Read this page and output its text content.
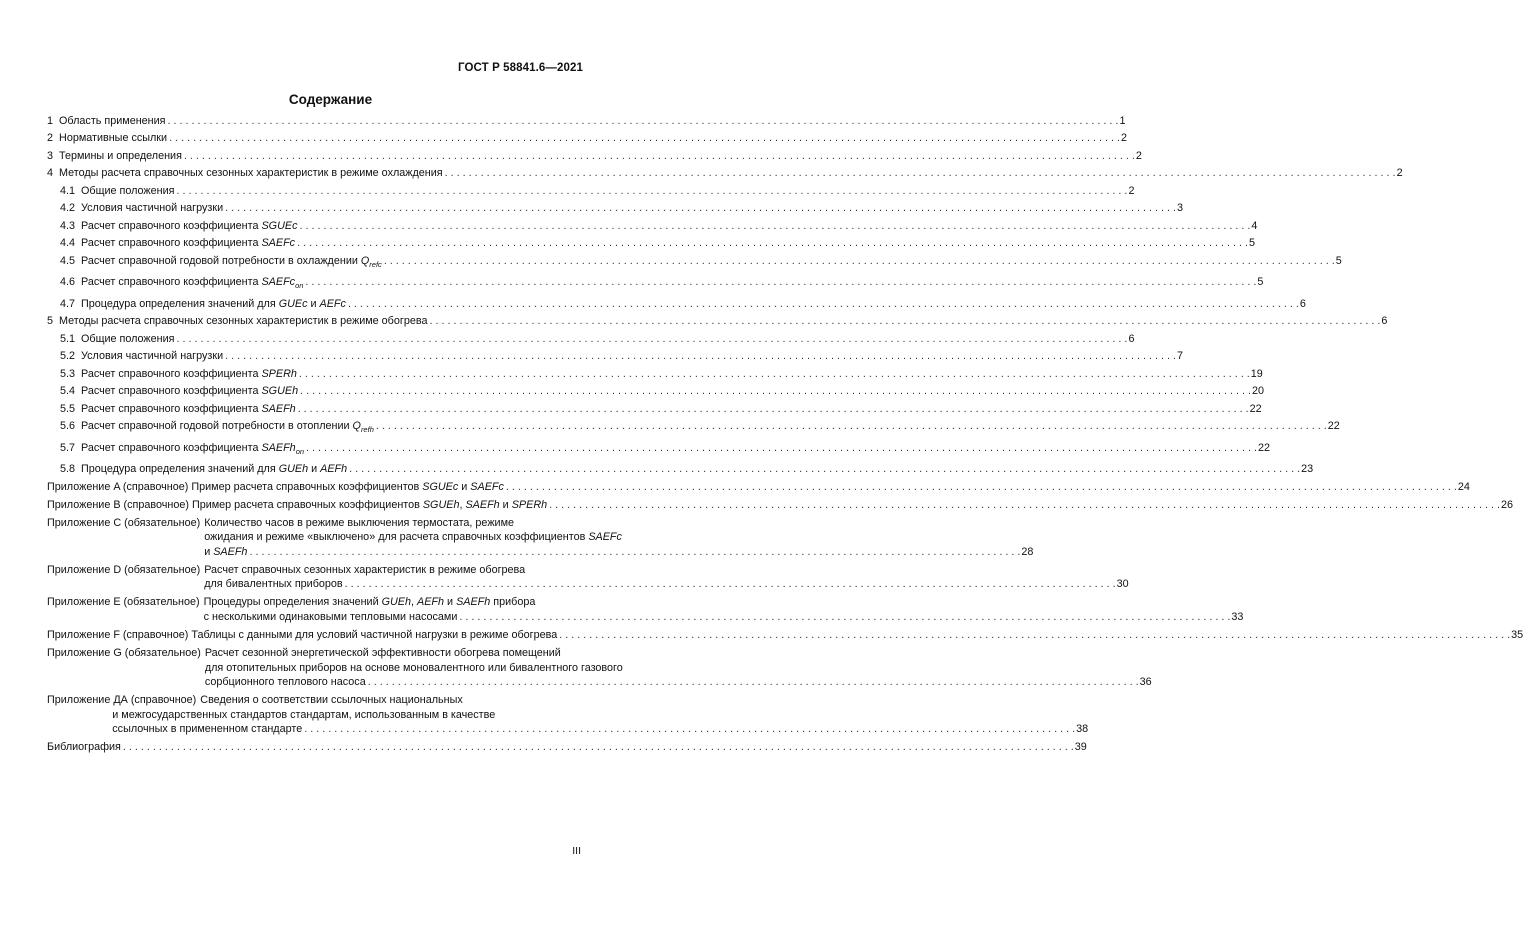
ГОСТ Р 58841.6—2021
Содержание
1 Область применения . . .	1
2 Нормативные ссылки . . .	2
3 Термины и определения . . .	2
4 Методы расчета справочных сезонных характеристик в режиме охлаждения . . .	2
4.1 Общие положения . . .	2
4.2 Условия частичной нагрузки . . .	3
4.3 Расчет справочного коэффициента SGUEc . . .	4
4.4 Расчет справочного коэффициента SAEFc . . .	5
4.5 Расчет справочной годовой потребности в охлаждении $Q_{refc}$ . . .	5
4.6 Расчет справочного коэффициента SAEFc$_{on}$ . . .	5
4.7 Процедура определения значений для GUEc и AEFc . . .	6
5 Методы расчета справочных сезонных характеристик в режиме обогрева . . .	6
5.1 Общие положения . . .	6
5.2 Условия частичной нагрузки . . .	7
5.3 Расчет справочного коэффициента SPERh . . .	19
5.4 Расчет справочного коэффициента SGUEh . . .	20
5.5 Расчет справочного коэффициента SAEFh . . .	22
5.6 Расчет справочной годовой потребности в отоплении $Q_{refh}$ . . .	22
5.7 Расчет справочного коэффициента SAEFh$_{on}$ . . .	22
5.8 Процедура определения значений для GUEh и AEFh . . .	23
Приложение A (справочное) Пример расчета справочных коэффициентов SGUEc и SAEFc . . .	24
Приложение B (справочное) Пример расчета справочных коэффициентов SGUEh, SAEFh и SPERh . . .	26
Приложение C (обязательное) Количество часов в режиме выключения термостата, режиме
ожидания и режиме «выключено» для расчета справочных коэффициентов SAEFc
и SAEFh . . .	28
Приложение D (обязательное) Расчет справочных сезонных характеристик в режиме обогрева
для бивалентных приборов . . .	30
Приложение E (обязательное) Процедуры определения значений GUEh, AEFh и SAEFh прибора
с несколькими одинаковыми тепловыми насосами . . .	33
Приложение F (справочное) Таблицы с данными для условий частичной нагрузки в режиме обогрева . . .	35
Приложение G (обязательное) Расчет сезонной энергетической эффективности обогрева помещений
для отопительных приборов на основе моновалентного или бивалентного газового
сорбционного теплового насоса . . .	36
Приложение ДА (справочное) Сведения о соответствии ссылочных национальных
и межгосударственных стандартов стандартам, использованным в качестве
ссылочных в примененном стандарте . . .	38
Библиография . . .	39
III
